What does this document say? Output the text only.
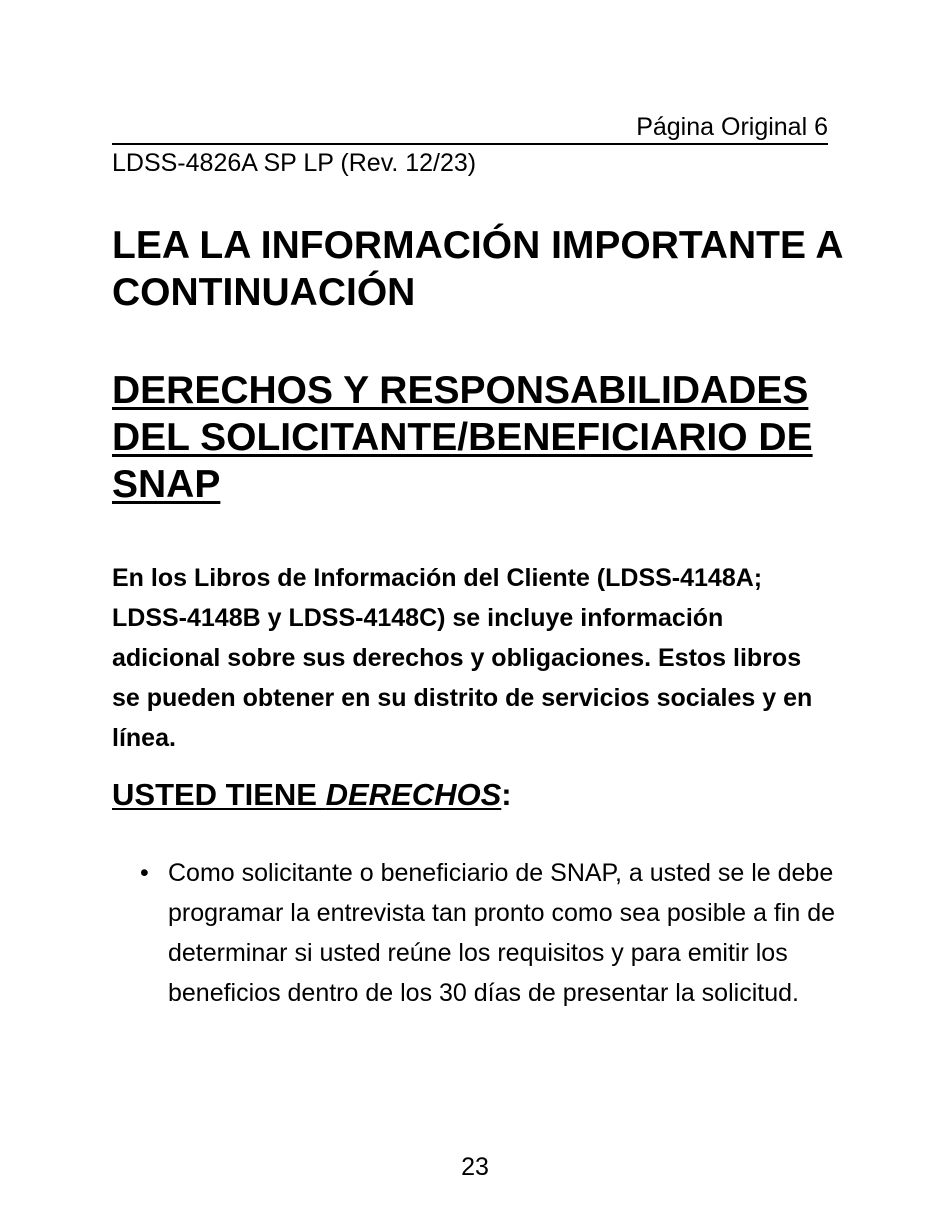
Página Original 6
LDSS-4826A SP LP (Rev. 12/23)
LEA LA INFORMACIÓN IMPORTANTE A CONTINUACIÓN
DERECHOS Y RESPONSABILIDADES DEL SOLICITANTE/BENEFICIARIO DE SNAP

En los Libros de Información del Cliente (LDSS-4148A; LDSS-4148B y LDSS-4148C) se incluye información adicional sobre sus derechos y obligaciones. Estos libros se pueden obtener en su distrito de servicios sociales y en línea.

USTED TIENE DERECHOS:
• Como solicitante o beneficiario de SNAP, a usted se le debe programar la entrevista tan pronto como sea posible a fin de determinar si usted reúne los requisitos y para emitir los beneficios dentro de los 30 días de presentar la solicitud.
23
